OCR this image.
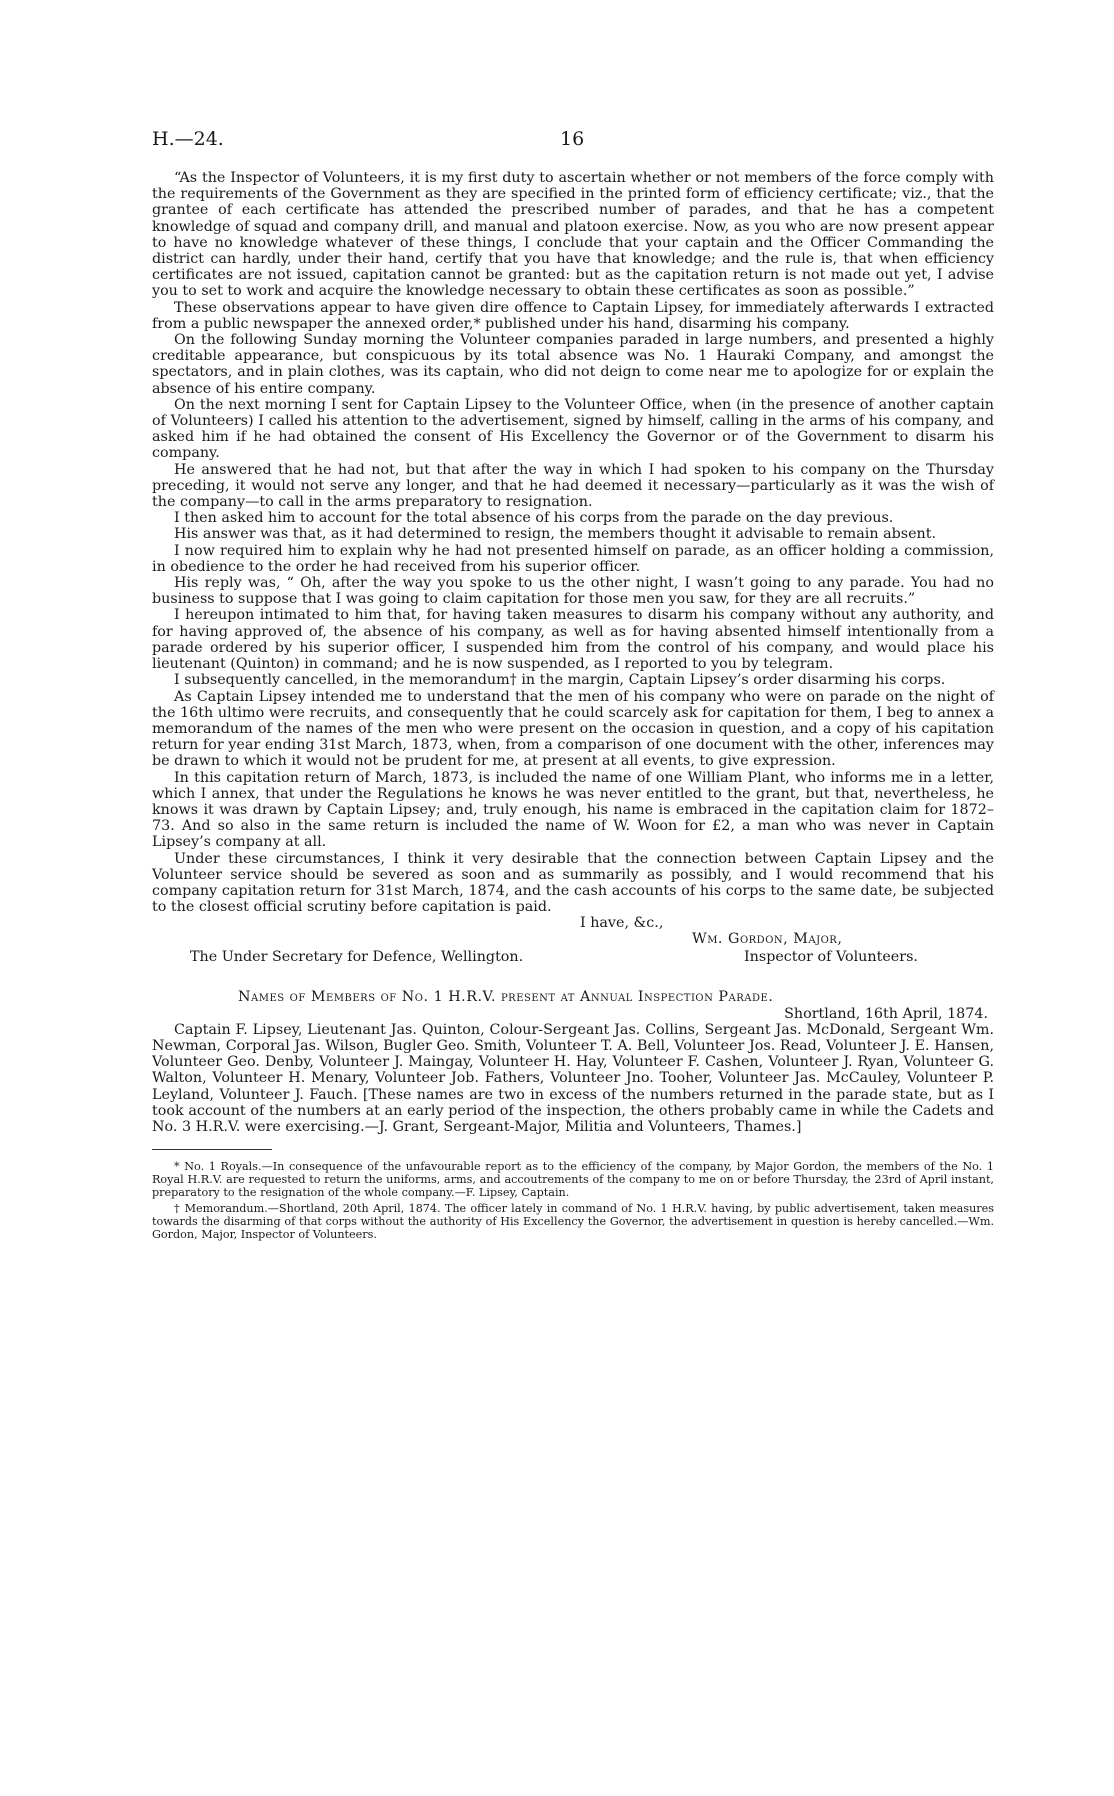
H.—24.	16

“As the Inspector of Volunteers, it is my first duty to ascertain whether or not members of the force comply with the requirements of the Government as they are specified in the printed form of efficiency certificate; viz., that the grantee of each certificate has attended the prescribed number of parades, and that he has a competent knowledge of squad and company drill, and manual and platoon exercise. Now, as you who are now present appear to have no knowledge whatever of these things, I conclude that your captain and the Officer Commanding the district can hardly, under their hand, certify that you have that knowledge; and the rule is, that when efficiency certificates are not issued, capitation cannot be granted: but as the capitation return is not made out yet, I advise you to set to work and acquire the knowledge necessary to obtain these certificates as soon as possible.”

These observations appear to have given dire offence to Captain Lipsey, for immediately afterwards I extracted from a public newspaper the annexed order,* published under his hand, disarming his company.

On the following Sunday morning the Volunteer companies paraded in large numbers, and presented a highly creditable appearance, but conspicuous by its total absence was No. 1 Hauraki Company, and amongst the spectators, and in plain clothes, was its captain, who did not deign to come near me to apologize for or explain the absence of his entire company.

On the next morning I sent for Captain Lipsey to the Volunteer Office, when (in the presence of another captain of Volunteers) I called his attention to the advertisement, signed by himself, calling in the arms of his company, and asked him if he had obtained the consent of His Excellency the Governor or of the Government to disarm his company.

He answered that he had not, but that after the way in which I had spoken to his company on the Thursday preceding, it would not serve any longer, and that he had deemed it necessary—particularly as it was the wish of the company—to call in the arms preparatory to resignation.

I then asked him to account for the total absence of his corps from the parade on the day previous.

His answer was that, as it had determined to resign, the members thought it advisable to remain absent.

I now required him to explain why he had not presented himself on parade, as an officer holding a commission, in obedience to the order he had received from his superior officer.

His reply was, “ Oh, after the way you spoke to us the other night, I wasn’t going to any parade. You had no business to suppose that I was going to claim capitation for those men you saw, for they are all recruits.”

I hereupon intimated to him that, for having taken measures to disarm his company without any authority, and for having approved of, the absence of his company, as well as for having absented himself intentionally from a parade ordered by his superior officer, I suspended him from the control of his company, and would place his lieutenant (Quinton) in command; and he is now suspended, as I reported to you by telegram.

I subsequently cancelled, in the memorandum† in the margin, Captain Lipsey’s order disarming his corps.

As Captain Lipsey intended me to understand that the men of his company who were on parade on the night of the 16th ultimo were recruits, and consequently that he could scarcely ask for capitation for them, I beg to annex a memorandum of the names of the men who were present on the occasion in question, and a copy of his capitation return for year ending 31st March, 1873, when, from a comparison of one document with the other, inferences may be drawn to which it would not be prudent for me, at present at all events, to give expression.

In this capitation return of March, 1873, is included the name of one William Plant, who informs me in a letter, which I annex, that under the Regulations he knows he was never entitled to the grant, but that, nevertheless, he knows it was drawn by Captain Lipsey; and, truly enough, his name is embraced in the capitation claim for 1872–73. And so also in the same return is included the name of W. Woon for £2, a man who was never in Captain Lipsey’s company at all.

Under these circumstances, I think it very desirable that the connection between Captain Lipsey and the Volunteer service should be severed as soon and as summarily as possibly, and I would recommend that his company capitation return for 31st March, 1874, and the cash accounts of his corps to the same date, be subjected to the closest official scrutiny before capitation is paid.

I have, &c.,
Wm. Gordon, Major,
The Under Secretary for Defence, Wellington.	Inspector of Volunteers.
Names of Members of No. 1 H.R.V. present at Annual Inspection Parade.
Shortland, 16th April, 1874.
Captain F. Lipsey, Lieutenant Jas. Quinton, Colour-Sergeant Jas. Collins, Sergeant Jas. McDonald, Sergeant Wm. Newman, Corporal Jas. Wilson, Bugler Geo. Smith, Volunteer T. A. Bell, Volunteer Jos. Read, Volunteer J. E. Hansen, Volunteer Geo. Denby, Volunteer J. Maingay, Volunteer H. Hay, Volunteer F. Cashen, Volunteer J. Ryan, Volunteer G. Walton, Volunteer H. Menary, Volunteer Job. Fathers, Volunteer Jno. Tooher, Volunteer Jas. McCauley, Volunteer P. Leyland, Volunteer J. Fauch. [These names are two in excess of the numbers returned in the parade state, but as I took account of the numbers at an early period of the inspection, the others probably came in while the Cadets and No. 3 H.R.V. were exercising.—J. Grant, Sergeant-Major, Militia and Volunteers, Thames.]

* No. 1 Royals.—In consequence of the unfavourable report as to the efficiency of the company, by Major Gordon, the members of the No. 1 Royal H.R.V. are requested to return the uniforms, arms, and accoutrements of the company to me on or before Thursday, the 23rd of April instant, preparatory to the resignation of the whole company.—F. Lipsey, Captain.

† Memorandum.—Shortland, 20th April, 1874. The officer lately in command of No. 1 H.R.V. having, by public advertisement, taken measures towards the disarming of that corps without the authority of His Excellency the Governor, the advertisement in question is hereby cancelled.—Wm. Gordon, Major, Inspector of Volunteers.
